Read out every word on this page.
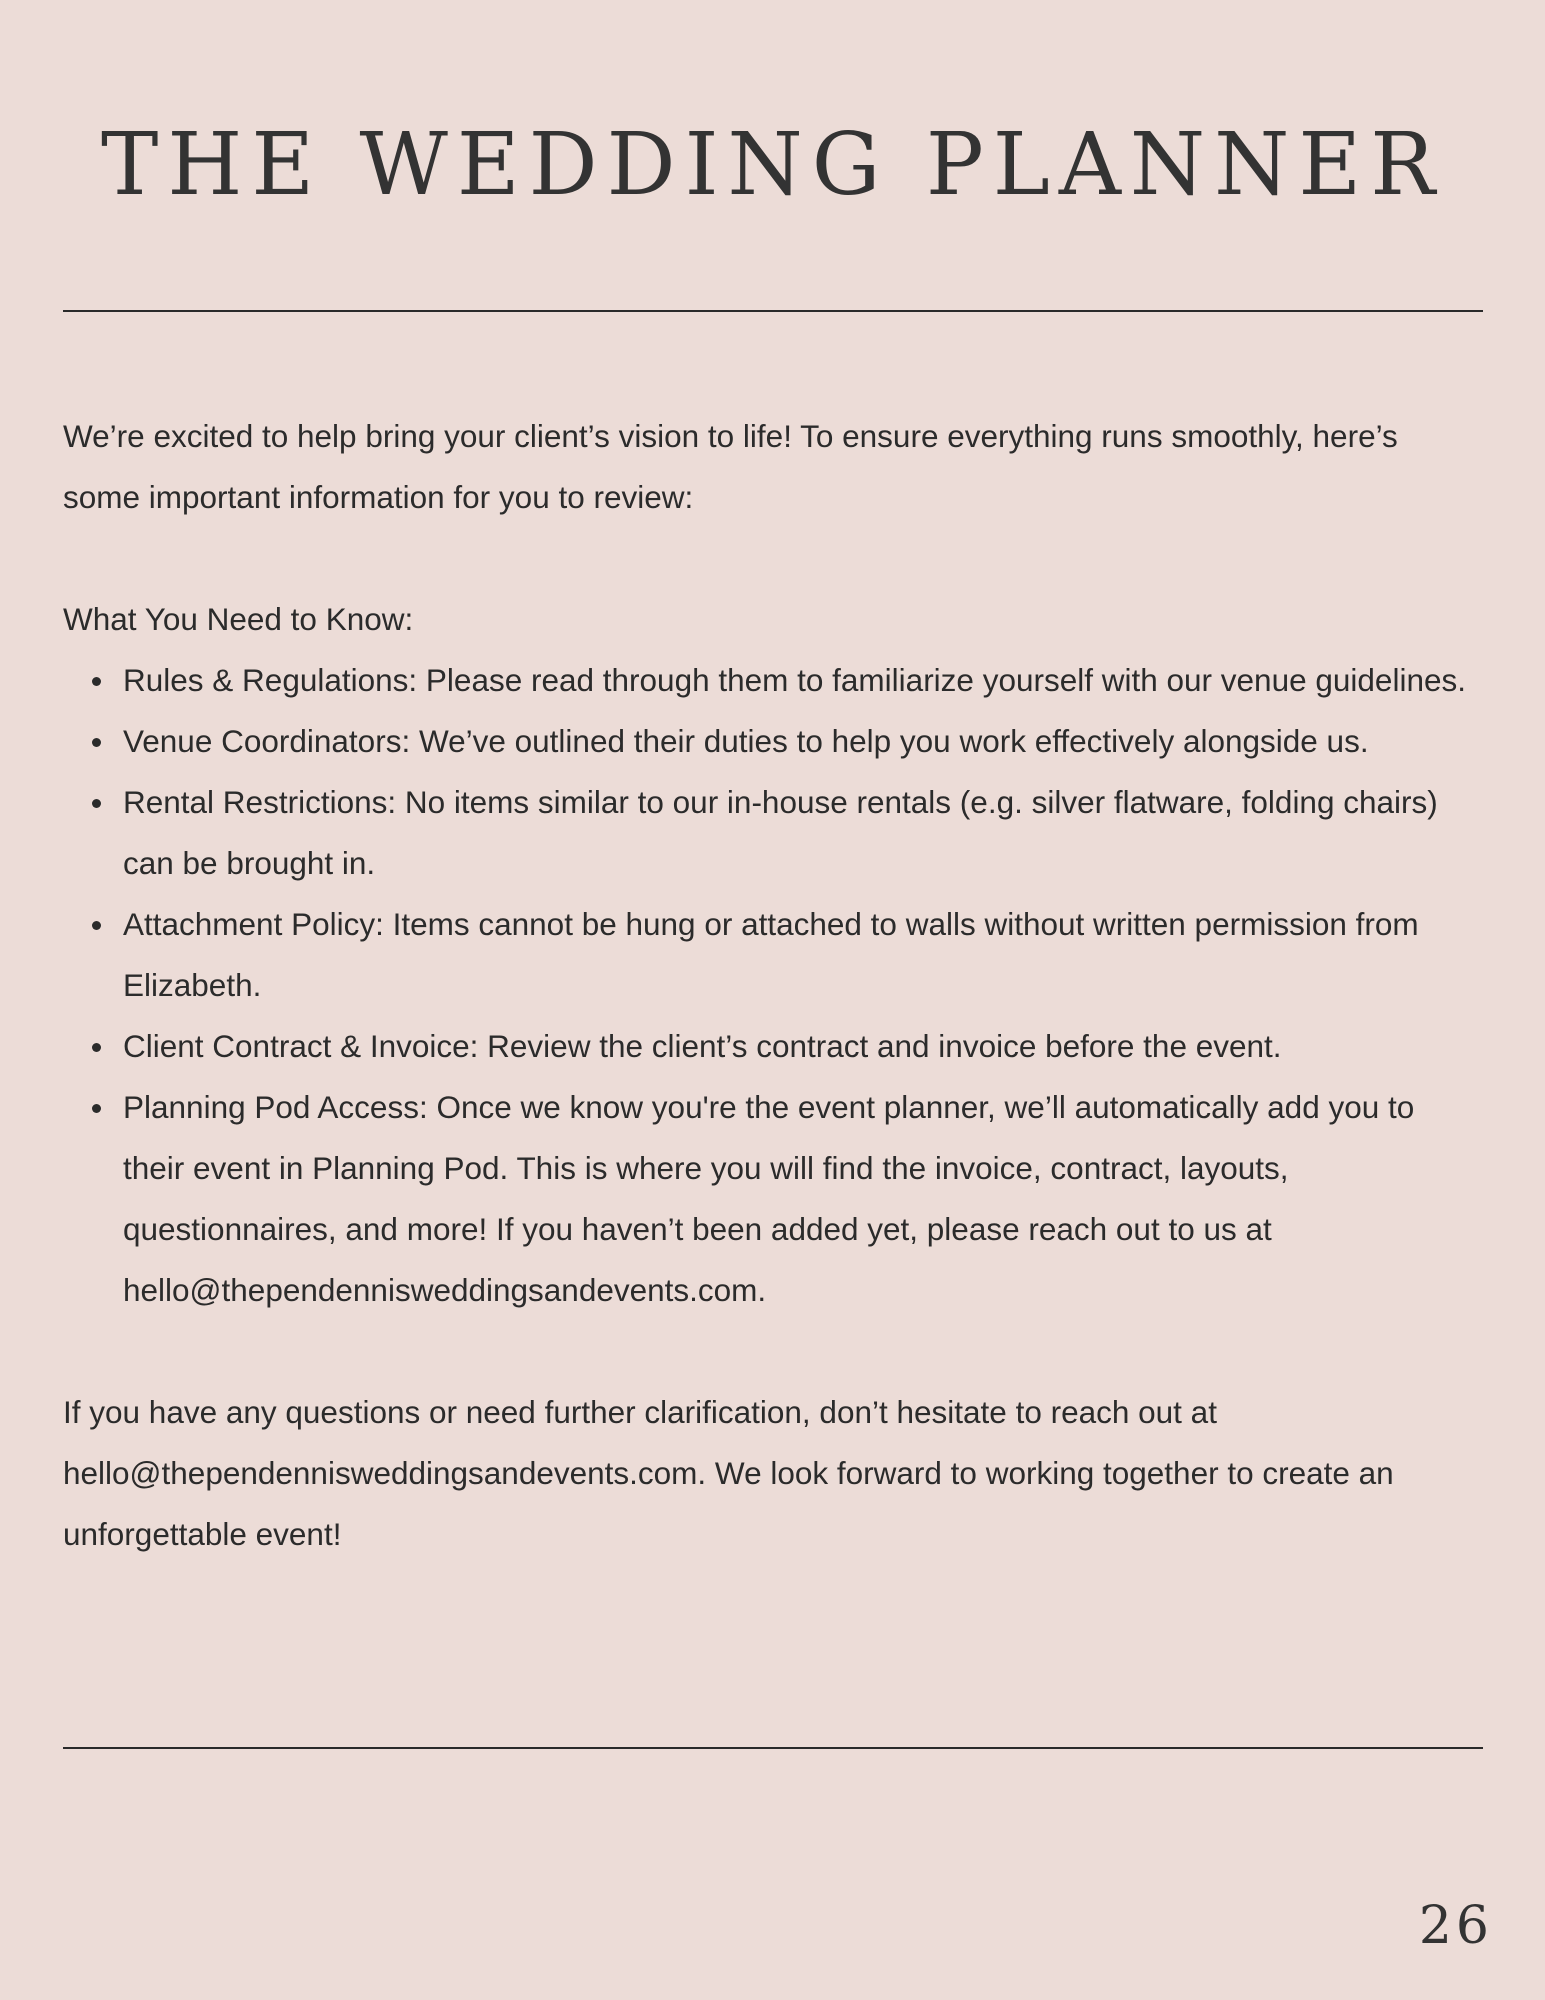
THE WEDDING PLANNER

We’re excited to help bring your client’s vision to life! To ensure everything runs smoothly, here’s some important information for you to review:

What You Need to Know:

Rules & Regulations: Please read through them to familiarize yourself with our venue guidelines.
Venue Coordinators: We’ve outlined their duties to help you work effectively alongside us.
Rental Restrictions: No items similar to our in-house rentals (e.g. silver flatware, folding chairs) can be brought in.
Attachment Policy: Items cannot be hung or attached to walls without written permission from Elizabeth.
Client Contract & Invoice: Review the client’s contract and invoice before the event.
Planning Pod Access: Once we know you're the event planner, we’ll automatically add you to their event in Planning Pod. This is where you will find the invoice, contract, layouts, questionnaires, and more! If you haven’t been added yet, please reach out to us at hello@thependennisweddingsandevents.com.

If you have any questions or need further clarification, don’t hesitate to reach out at hello@thependennisweddingsandevents.com. We look forward to working together to create an unforgettable event!

26
